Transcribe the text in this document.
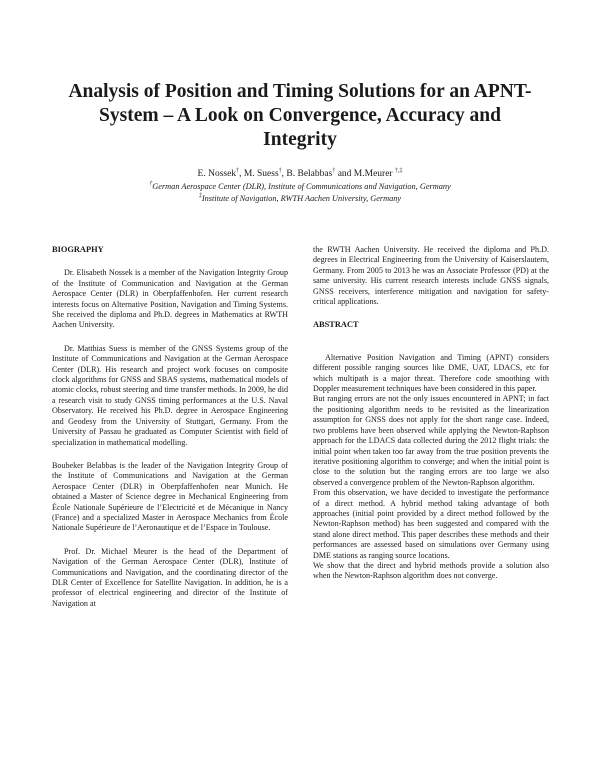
Analysis of Position and Timing Solutions for an APNT-System – A Look on Convergence, Accuracy and Integrity
E. Nossek†, M. Suess†, B. Belabbas† and M.Meurer †,‡
†German Aerospace Center (DLR), Institute of Communications and Navigation, Germany
‡Institute of Navigation, RWTH Aachen University, Germany
BIOGRAPHY

Dr. Elisabeth Nossek is a member of the Navigation Integrity Group of the Institute of Communication and Navigation at the German Aerospace Center (DLR) in Oberpfaffenhofen. Her current research interests focus on Alternative Position, Navigation and Timing Systems. She received the diploma and Ph.D. degrees in Mathematics at RWTH Aachen University.

Dr. Matthias Suess is member of the GNSS Systems group of the Institute of Communications and Navigation at the German Aerospace Center (DLR). His research and project work focuses on composite clock algorithms for GNSS and SBAS systems, mathematical models of atomic clocks, robust steering and time transfer methods. In 2009, he did a research visit to study GNSS timing performances at the U.S. Naval Observatory. He received his Ph.D. degree in Aerospace Engineering and Geodesy from the University of Stuttgart, Germany. From the University of Passau he graduated as Computer Scientist with field of specialization in mathematical modelling.

Boubeker Belabbas is the leader of the Navigation Integrity Group of the Institute of Communications and Navigation at the German Aerospace Center (DLR) in Oberpfaffenhofen near Munich. He obtained a Master of Science degree in Mechanical Engineering from École Nationale Supérieure de l’Electricité et de Mécanique in Nancy (France) and a specialized Master in Aerospace Mechanics from École Nationale Supérieure de l’Aeronautique et de l’Espace in Toulouse.

Prof. Dr. Michael Meurer is the head of the Department of Navigation of the German Aerospace Center (DLR), Institute of Communications and Navigation, and the coordinating director of the DLR Center of Excellence for Satellite Navigation. In addition, he is a professor of electrical engineering and director of the Institute of Navigation at

the RWTH Aachen University. He received the diploma and Ph.D. degrees in Electrical Engineering from the University of Kaiserslautern, Germany. From 2005 to 2013 he was an Associate Professor (PD) at the same university. His current research interests include GNSS signals, GNSS receivers, interference mitigation and navigation for safety-critical applications.

ABSTRACT

Alternative Position Navigation and Timing (APNT) considers different possible ranging sources like DME, UAT, LDACS, etc for which multipath is a major threat. Therefore code smoothing with Doppler measurement techniques have been considered in this paper.

But ranging errors are not the only issues encountered in APNT; in fact the positioning algorithm needs to be revisited as the linearization assumption for GNSS does not apply for the short range case. Indeed, two problems have been observed while applying the Newton-Raphson approach for the LDACS data collected during the 2012 flight trials: the initial point when taken too far away from the true position prevents the iterative positioning algorithm to converge; and when the initial point is close to the solution but the ranging errors are too large we also observed a convergence problem of the Newton-Raphson algorithm.

From this observation, we have decided to investigate the performance of a direct method. A hybrid method taking advantage of both approaches (initial point provided by a direct method followed by the Newton-Raphson method) has been suggested and compared with the stand alone direct method. This paper describes these methods and their performances are assessed based on simulations over Germany using DME stations as ranging source locations.

We show that the direct and hybrid methods provide a solution also when the Newton-Raphson algorithm does not converge.
